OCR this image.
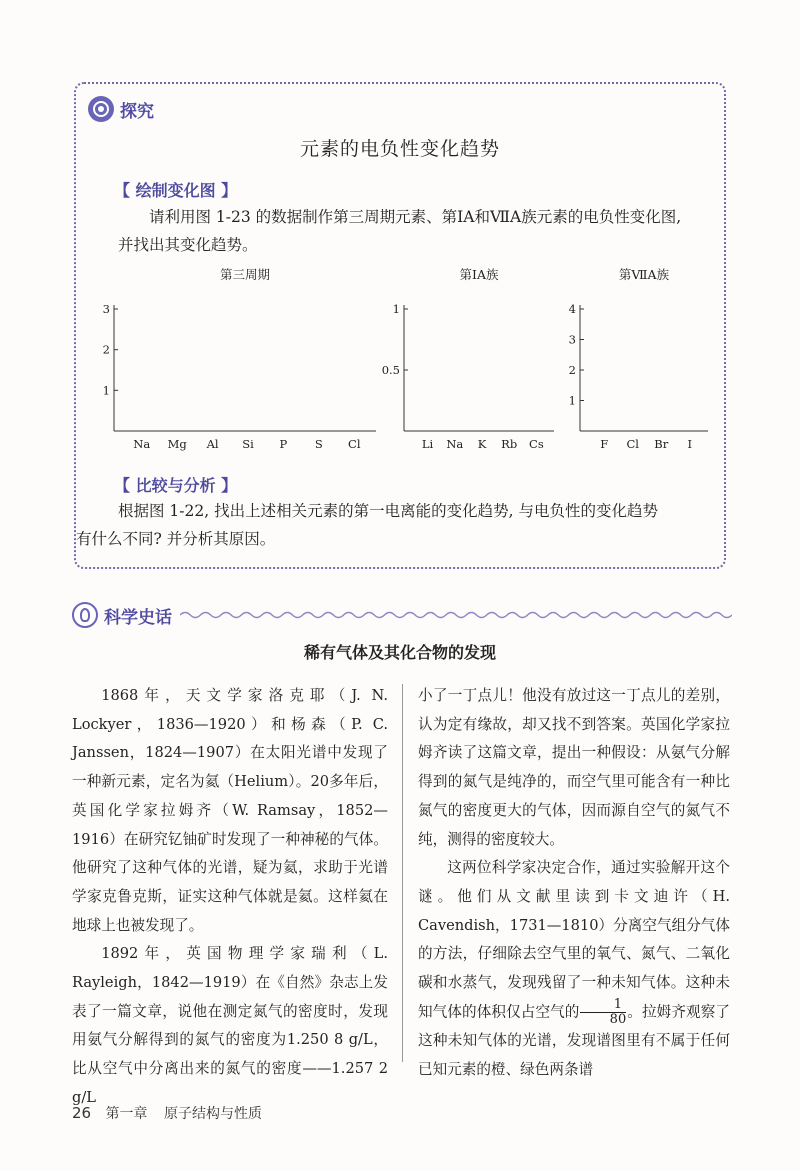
探究
元素的电负性变化趋势
【 绘制变化图 】
请利用图 1-23 的数据制作第三周期元素、第ⅠA和ⅦA族元素的电负性变化图,
并找出其变化趋势。
第三周期
1
2
3
Na Mg Al Si P S Cl
第ⅠA族
0.5
1
Li Na K Rb Cs
第ⅦA族
1
2
3
4
F Cl Br I
【 比较与分析 】
根据图 1-22, 找出上述相关元素的第一电离能的变化趋势, 与电负性的变化趋势
有什么不同? 并分析其原因。
科学史话
稀有气体及其化合物的发现

1868年，天文学家洛克耶（J. N. Lockyer，1836—1920）和杨森（P. C. Janssen，1824—1907）在太阳光谱中发现了一种新元素，定名为氦（Helium）。20多年后，英国化学家拉姆齐（W. Ramsay，1852—1916）在研究钇铀矿时发现了一种神秘的气体。他研究了这种气体的光谱，疑为氦，求助于光谱学家克鲁克斯，证实这种气体就是氦。这样氦在地球上也被发现了。

1892年，英国物理学家瑞利（L. Rayleigh，1842—1919）在《自然》杂志上发表了一篇文章，说他在测定氮气的密度时，发现用氨气分解得到的氮气的密度为1.250 8 g/L，比从空气中分离出来的氮气的密度——1.257 2 g/L

小了一丁点儿！他没有放过这一丁点儿的差别，认为定有缘故，却又找不到答案。英国化学家拉姆齐读了这篇文章，提出一种假设：从氨气分解得到的氮气是纯净的，而空气里可能含有一种比氮气的密度更大的气体，因而源自空气的氮气不纯，测得的密度较大。

这两位科学家决定合作，通过实验解开这个谜。他们从文献里读到卡文迪许（H. Cavendish，1731—1810）分离空气组分气体的方法，仔细除去空气里的氧气、氮气、二氧化碳和水蒸气，发现残留了一种未知气体。这种未知气体的体积仅占空气的 $\frac{1}{80}$ 。拉姆齐观察了这种未知气体的光谱，发现谱图里有不属于任何已知元素的橙、绿色两条谱

26 第一章 原子结构与性质
